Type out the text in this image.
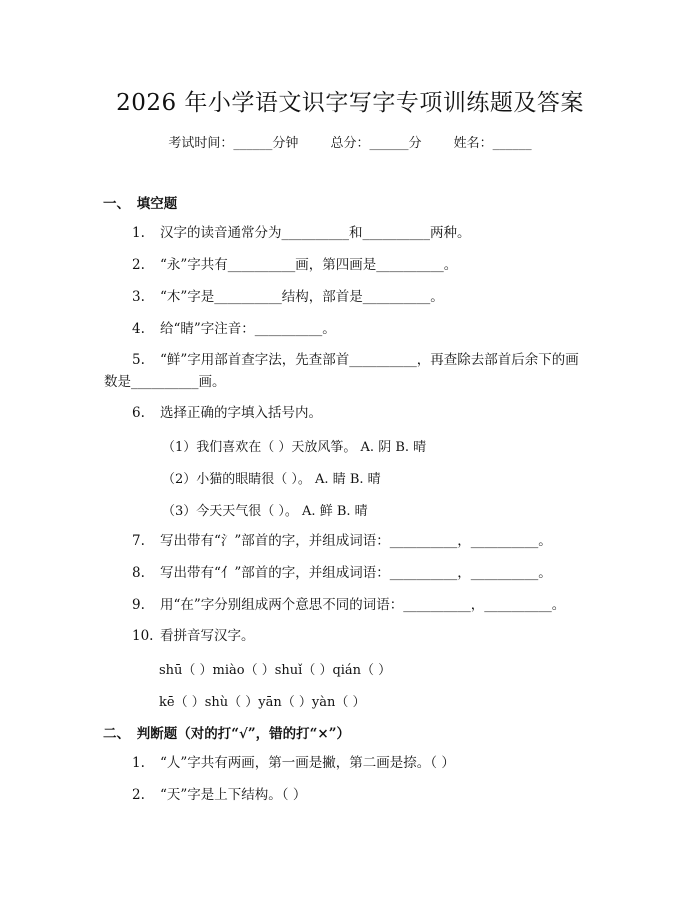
2026 年小学语文识字写字专项训练题及答案
考试时间：______分钟 总分：______分 姓名：______
一、　填空题
1. 汉字的读音通常分为__________和__________两种。
2. “永”字共有__________画，第四画是__________。
3. “木”字是__________结构，部首是__________。
4. 给“睛”字注音：__________。
5. “鲜”字用部首查字法，先查部首__________，再查除去部首后余下的画
数是__________画。
6. 选择正确的字填入括号内。
（1）我们喜欢在（ ）天放风筝。 A. 阴 B. 晴
（2）小猫的眼睛很（ ）。 A. 睛 B. 晴
（3）今天天气很（ ）。 A. 鲜 B. 晴
7. 写出带有“氵”部首的字，并组成词语：__________，__________。
8. 写出带有“亻”部首的字，并组成词语：__________，__________。
9. 用“在”字分别组成两个意思不同的词语：__________，__________。
10. 看拼音写汉字。
shū（ ）miào（ ）shuǐ（ ）qián（ ）
kē（ ）shù（ ）yān（ ）yàn（ ）
二、　判断题（对的打“√”，错的打“×”）
1. “人”字共有两画，第一画是撇，第二画是捺。（ ）
2. “天”字是上下结构。（ ）
